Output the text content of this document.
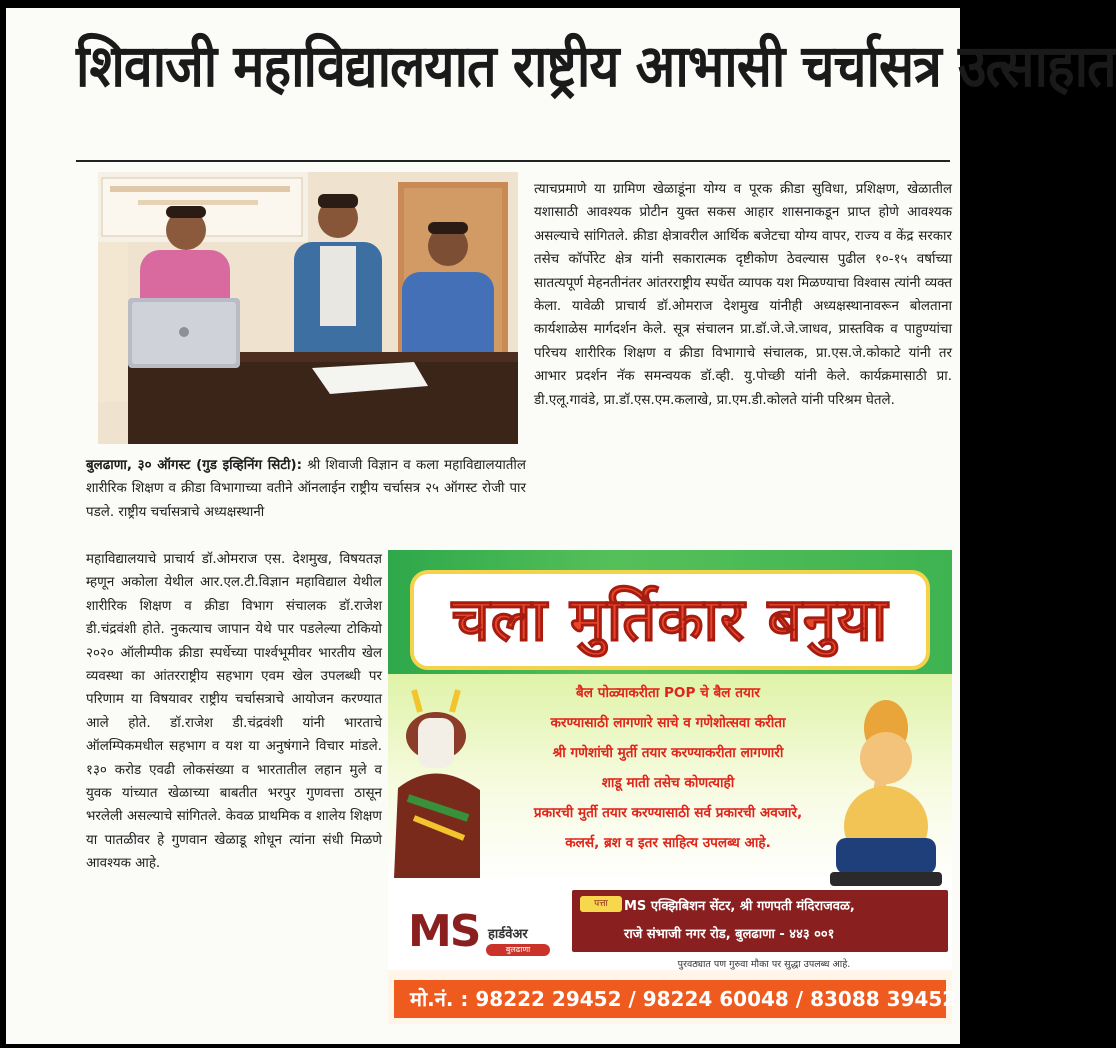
शिवाजी महाविद्यालयात राष्ट्रीय आभासी चर्चासत्र उत्साहात
त्याचप्रमाणे या ग्रामिण खेळाडूंना योग्य व पूरक क्रीडा सुविधा, प्रशिक्षण, खेळातील यशासाठी आवश्यक प्रोटीन युक्त सकस आहार शासनाकडून प्राप्त होणे आवश्यक असल्याचे सांगितले. क्रीडा क्षेत्रावरील आर्थिक बजेटचा योग्य वापर, राज्य व केंद्र सरकार तसेच कॉर्पोरेट क्षेत्र यांनी सकारात्मक दृष्टीकोण ठेवल्यास पुढील १०-१५ वर्षाच्या सातत्यपूर्ण मेहनतीनंतर आंतरराष्ट्रीय स्पर्धेत व्यापक यश मिळण्याचा विश्वास त्यांनी व्यक्त केला. यावेळी प्राचार्य डॉ.ओमराज देशमुख यांनीही अध्यक्षस्थानावरून बोलताना कार्यशाळेस मार्गदर्शन केले. सूत्र संचालन प्रा.डॉ.जे.जे.जाधव, प्रास्तविक व पाहुण्यांचा परिचय शारीरिक शिक्षण व क्रीडा विभागाचे संचालक, प्रा.एस.जे.कोकाटे यांनी तर आभार प्रदर्शन नॅक समन्वयक डॉ.व्ही. यु.पोच्छी यांनी केले. कार्यक्रमासाठी प्रा. डी.एलू.गावंडे, प्रा.डॉ.एस.एम.कलाखे, प्रा.एम.डी.कोलते यांनी परिश्रम घेतले.
बुलढाणा, ३० ऑगस्ट (गुड इव्हिनिंग सिटी): श्री शिवाजी विज्ञान व कला महाविद्यालयातील शारीरिक शिक्षण व क्रीडा विभागाच्या वतीने ऑनलाईन राष्ट्रीय चर्चासत्र २५ ऑगस्ट रोजी पार पडले. राष्ट्रीय चर्चासत्राचे अध्यक्षस्थानी
महाविद्यालयाचे प्राचार्य डॉ.ओमराज एस. देशमुख, विषयतज्ञ म्हणून अकोला येथील आर.एल.टी.विज्ञान महाविद्याल येथील शारीरिक शिक्षण व क्रीडा विभाग संचालक डॉ.राजेश डी.चंद्रवंशी होते. नुकत्याच जापान येथे पार पडलेल्या टोकियो २०२० ऑलीम्पीक क्रीडा स्पर्धेच्या पार्श्वभूमीवर भारतीय खेल व्यवस्था का आंतरराष्ट्रीय सहभाग एवम खेल उपलब्धी पर परिणाम या विषयावर राष्ट्रीय चर्चासत्राचे आयोजन करण्यात आले होते. डॉ.राजेश डी.चंद्रवंशी यांनी भारताचे ऑलम्पिकमधील सहभाग व यश या अनुषंगाने विचार मांडले. १३० करोड एवढी लोकसंख्या व भारतातील लहान मुले व युवक यांच्यात खेळाच्या बाबतीत भरपुर गुणवत्ता ठासून भरलेली असल्याचे सांगितले. केवळ प्राथमिक व शालेय शिक्षण या पातळीवर हे गुणवान खेळाडू शोधून त्यांना संधी मिळणे आवश्यक आहे.
चला मुर्तिकार बनुया
बैल पोळ्याकरीता POP चे बैल तयार
करण्यासाठी लागणारे साचे व गणेशोत्सवा करीता
श्री गणेशांची मुर्ती तयार करण्याकरीता लागणारी
शाडू माती तसेच कोणत्याही
प्रकारची मुर्ती तयार करण्यासाठी सर्व प्रकारची अवजारे,
कलर्स, ब्रश व इतर साहित्य उपलब्ध आहे.
MS हार्डवेअर
बुलढाणा
MS एक्झिबिशन सेंटर, श्री गणपती मंदिराजवळ,
राजे संभाजी नगर रोड, बुलढाणा - ४४३ ००१
पत्ता
पुरवठ्यात पण गुरुवा मौका पर सुद्धा उपलब्ध आहे.
मो.नं. : 98222 29452 / 98224 60048 / 83088 39452
